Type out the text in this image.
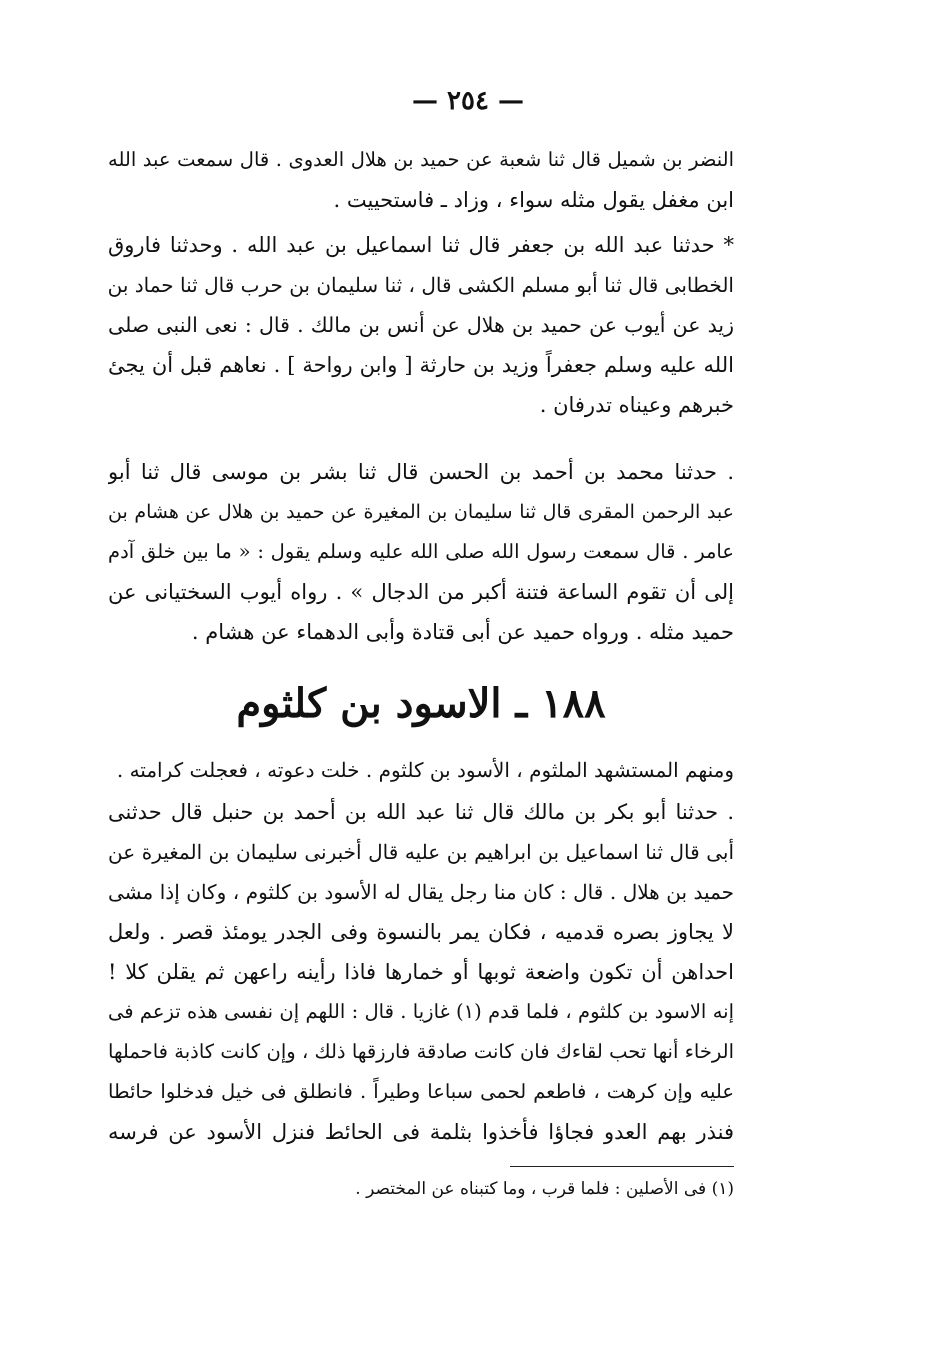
— ٢٥٤ —
النضر بن شميل قال ثنا شعبة عن حميد بن هلال العدوى . قال سمعت عبد الله
ابن مغفل يقول مثله سواء ، وزاد ـ فاستحييت .
* حدثنا عبد الله بن جعفر قال ثنا اسماعيل بن عبد الله . وحدثنا فاروق
الخطابى قال ثنا أبو مسلم الكشى قال ، ثنا سليمان بن حرب قال ثنا حماد بن
زيد عن أيوب عن حميد بن هلال عن أنس بن مالك . قال : نعى النبى صلى
الله عليه وسلم جعفراً وزيد بن حارثة [ وابن رواحة ] . نعاهم قبل أن يجئ
خبرهم وعيناه تدرفان .
. حدثنا محمد بن أحمد بن الحسن قال ثنا بشر بن موسى قال ثنا أبو
عبد الرحمن المقرى قال ثنا سليمان بن المغيرة عن حميد بن هلال عن هشام بن
عامر . قال سمعت رسول الله صلى الله عليه وسلم يقول : « ما بين خلق آدم
إلى أن تقوم الساعة فتنة أكبر من الدجال » . رواه أيوب السختيانى عن
حميد مثله . ورواه حميد عن أبى قتادة وأبى الدهماء عن هشام .
١٨٨ ـ الاسود بن كلثوم
ومنهم المستشهد الملثوم ، الأسود بن كلثوم . خلت دعوته ، فعجلت كرامته .
. حدثنا أبو بكر بن مالك قال ثنا عبد الله بن أحمد بن حنبل قال حدثنى
أبى قال ثنا اسماعيل بن ابراهيم بن عليه قال أخبرنى سليمان بن المغيرة عن
حميد بن هلال . قال : كان منا رجل يقال له الأسود بن كلثوم ، وكان إذا مشى
لا يجاوز بصره قدميه ، فكان يمر بالنسوة وفى الجدر يومئذ قصر . ولعل
احداهن أن تكون واضعة ثوبها أو خمارها فاذا رأينه راعهن ثم يقلن كلا !
إنه الاسود بن كلثوم ، فلما قدم (١) غازيا . قال : اللهم إن نفسى هذه تزعم فى
الرخاء أنها تحب لقاءك فان كانت صادقة فارزقها ذلك ، وإن كانت كاذبة فاحملها
عليه وإن كرهت ، فاطعم لحمى سباعا وطيراً . فانطلق فى خيل فدخلوا حائطا
فنذر بهم العدو فجاؤا فأخذوا بثلمة فى الحائط فنزل الأسود عن فرسه
(١) فى الأصلين : فلما قرب ، وما كتبناه عن المختصر .
